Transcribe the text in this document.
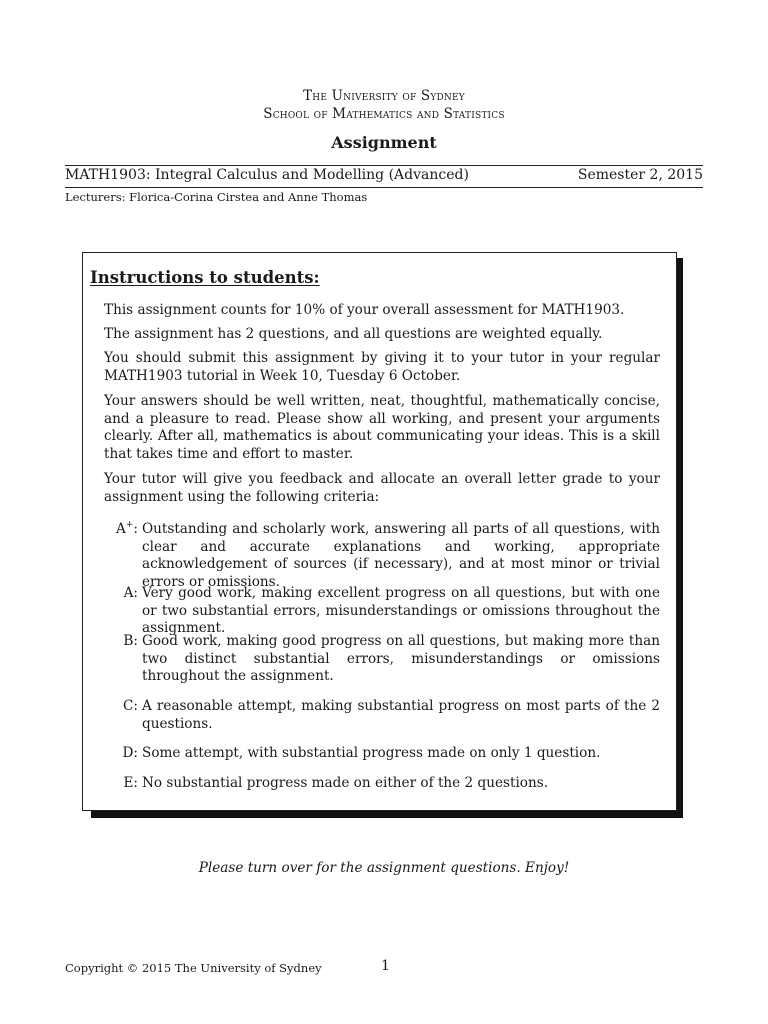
The University of Sydney
School of Mathematics and Statistics
Assignment
MATH1903: Integral Calculus and Modelling (Advanced)	Semester 2, 2015
Lecturers: Florica-Corina Cirstea and Anne Thomas
Instructions to students:
This assignment counts for 10% of your overall assessment for MATH1903.
The assignment has 2 questions, and all questions are weighted equally.
You should submit this assignment by giving it to your tutor in your regular MATH1903 tutorial in Week 10, Tuesday 6 October.
Your answers should be well written, neat, thoughtful, mathematically concise, and a pleasure to read. Please show all working, and present your arguments clearly. After all, mathematics is about communicating your ideas. This is a skill that takes time and effort to master.
Your tutor will give you feedback and allocate an overall letter grade to your assignment using the following criteria:
A+: Outstanding and scholarly work, answering all parts of all questions, with clear and accurate explanations and working, appropriate acknowledgement of sources (if necessary), and at most minor or trivial errors or omissions.
A: Very good work, making excellent progress on all questions, but with one or two substantial errors, misunderstandings or omissions throughout the assignment.
B: Good work, making good progress on all questions, but making more than two distinct substantial errors, misunderstandings or omissions throughout the assignment.
C: A reasonable attempt, making substantial progress on most parts of the 2 questions.
D: Some attempt, with substantial progress made on only 1 question.
E: No substantial progress made on either of the 2 questions.
Please turn over for the assignment questions. Enjoy!
Copyright © 2015 The University of Sydney	1
